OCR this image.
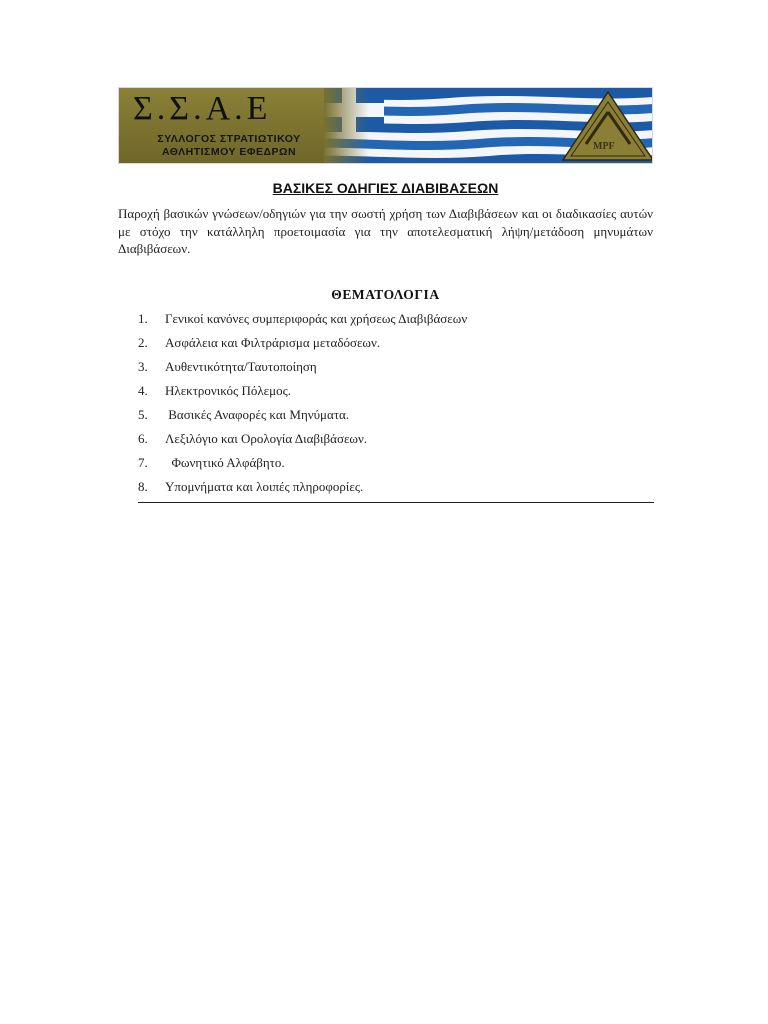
Σ.Σ.Α.Ε
ΣΥΛΛΟΓΟΣ ΣΤΡΑΤΙΩΤΙΚΟΥ
ΑΘΛΗΤΙΣΜΟΥ ΕΦΕΔΡΩΝ	MPF
ΒΑΣΙΚΕΣ ΟΔΗΓΙΕΣ ΔΙΑΒΙΒΑΣΕΩΝ

Παροχή βασικών γνώσεων/οδηγιών για την σωστή χρήση των Διαβιβάσεων και οι διαδικασίες αυτών με στόχο την κατάλληλη προετοιμασία για την αποτελεσματική λήψη/μετάδοση μηνυμάτων Διαβιβάσεων.

ΘΕΜΑΤΟΛΟΓΙΑ
1.	Γενικοί κανόνες συμπεριφοράς και χρήσεως Διαβιβάσεων
2.	Ασφάλεια και Φιλτράρισμα μεταδόσεων.
3.	Αυθεντικότητα/Ταυτοποίηση
4.	Ηλεκτρονικός Πόλεμος.
5.	Βασικές Αναφορές και Μηνύματα.
6.	Λεξιλόγιο και Ορολογία Διαβιβάσεων.
7.	Φωνητικό Αλφάβητο.
8.	Υπομνήματα και λοιπές πληροφορίες.
